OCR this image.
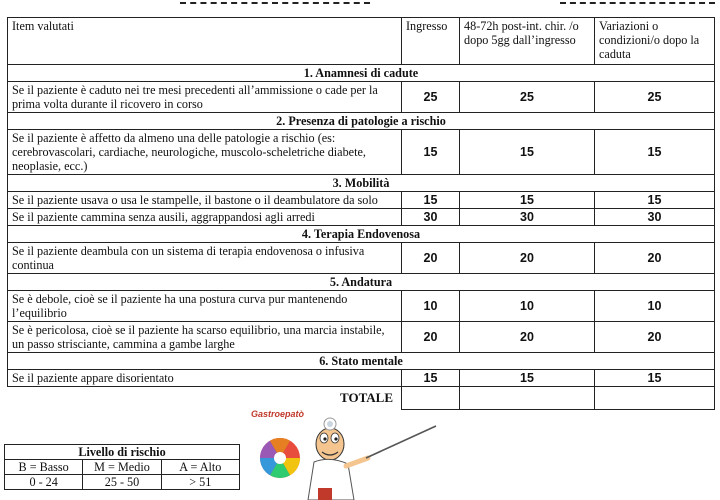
Item valutati	Ingresso	48-72h post-int. chir. /o dopo 5gg dall’ingresso	Variazioni o condizioni/o dopo la caduta
1. Anamnesi di cadute			
Se il paziente è caduto nei tre mesi precedenti all’ammissione o cade per la prima volta durante il ricovero in corso	25	25	25
2. Presenza di patologie a rischio			
Se il paziente è affetto da almeno una delle patologie a rischio (es: cerebrovascolari, cardiache, neurologiche, muscolo-scheletriche diabete, neoplasie, ecc.)	15	15	15
3. Mobilità			
Se il paziente usava o usa le stampelle, il bastone o il deambulatore da solo	15	15	15
Se il paziente cammina senza ausili, aggrappandosi agli arredi	30	30	30
4. Terapia Endovenosa			
Se il paziente deambula con un sistema di terapia endovenosa o infusiva continua	20	20	20
5. Andatura			
Se è debole, cioè se il paziente ha una postura curva pur mantenendo l’equilibrio	10	10	10
Se è pericolosa, cioè se il paziente ha scarso equilibrio, una marcia instabile, un passo strisciante, cammina a gambe larghe	20	20	20
6. Stato mentale			
Se il paziente appare disorientato	15	15	15
TOTALE			
Livello di rischio		
B = Basso	M = Medio	A = Alto
0 - 24	25 - 50	> 51
Gastroepatò
